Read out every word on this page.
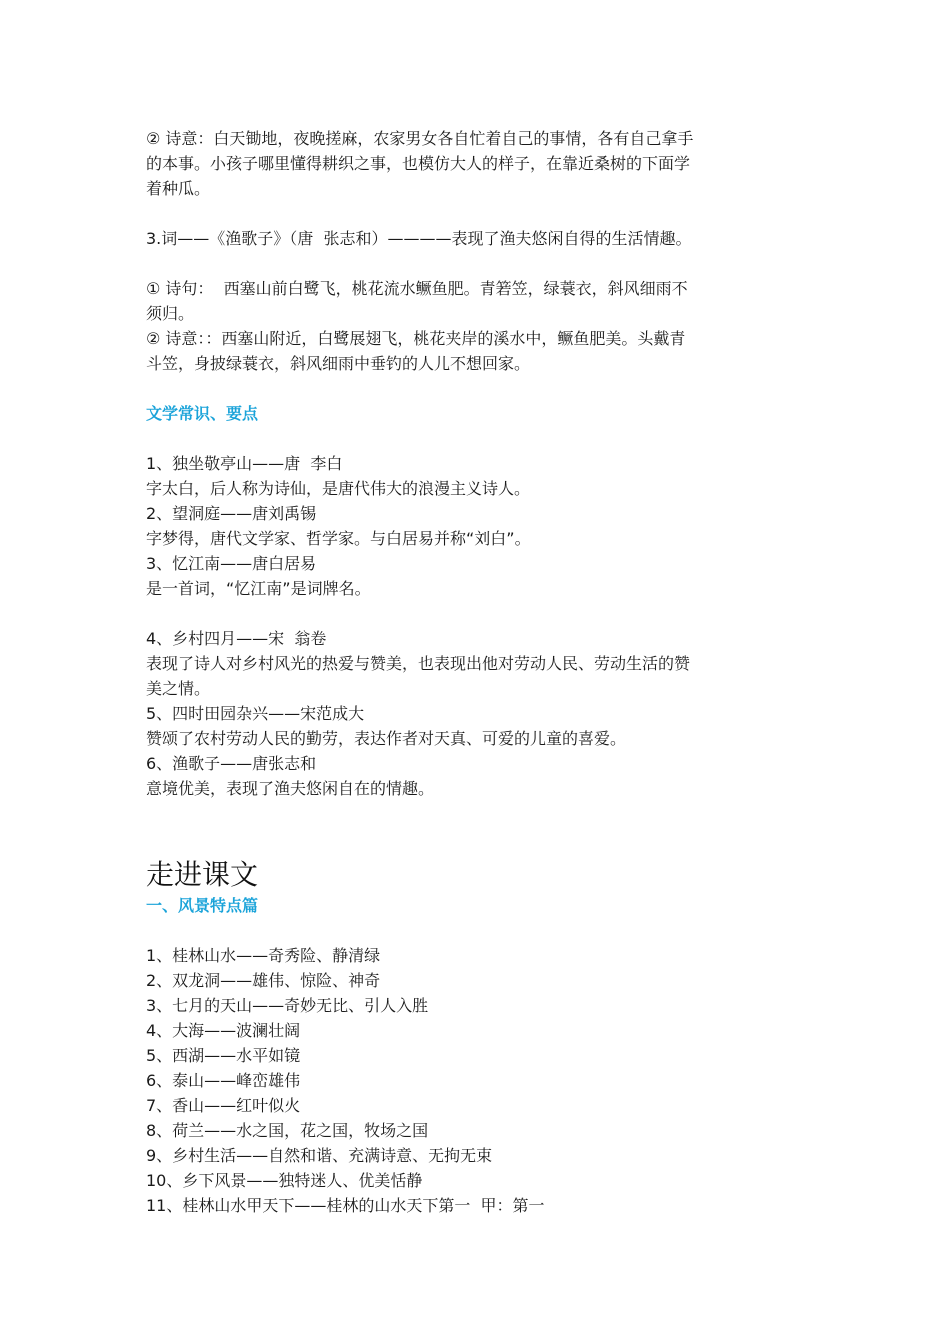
② 诗意：白天锄地，夜晚搓麻，农家男女各自忙着自己的事情，各有自己拿手

的本事。小孩子哪里懂得耕织之事，也模仿大人的样子，在靠近桑树的下面学

着种瓜。

3.词——《渔歌子》（唐  张志和）————表现了渔夫悠闲自得的生活情趣。

① 诗句：  西塞山前白鹭飞，桃花流水鳜鱼肥。青箬笠，绿蓑衣，斜风细雨不

须归。

② 诗意：：西塞山附近，白鹭展翅飞，桃花夹岸的溪水中，鳜鱼肥美。头戴青

斗笠，身披绿蓑衣，斜风细雨中垂钓的人儿不想回家。

文学常识、要点

1、独坐敬亭山——唐  李白

字太白，后人称为诗仙，是唐代伟大的浪漫主义诗人。

2、望洞庭——唐刘禹锡

字梦得，唐代文学家、哲学家。与白居易并称“刘白”。

3、忆江南——唐白居易

是一首词，“忆江南”是词牌名。

4、乡村四月——宋  翁卷

表现了诗人对乡村风光的热爱与赞美，也表现出他对劳动人民、劳动生活的赞

美之情。

5、四时田园杂兴——宋范成大

赞颂了农村劳动人民的勤劳，表达作者对天真、可爱的儿童的喜爱。

6、渔歌子——唐张志和

意境优美，表现了渔夫悠闲自在的情趣。

走进课文

一、风景特点篇

1、桂林山水——奇秀险、静清绿

2、双龙洞——雄伟、惊险、神奇

3、七月的天山——奇妙无比、引人入胜

4、大海——波澜壮阔

5、西湖——水平如镜

6、泰山——峰峦雄伟

7、香山——红叶似火

8、荷兰——水之国，花之国，牧场之国

9、乡村生活——自然和谐、充满诗意、无拘无束

10、乡下风景——独特迷人、优美恬静

11、桂林山水甲天下——桂林的山水天下第一  甲：第一
